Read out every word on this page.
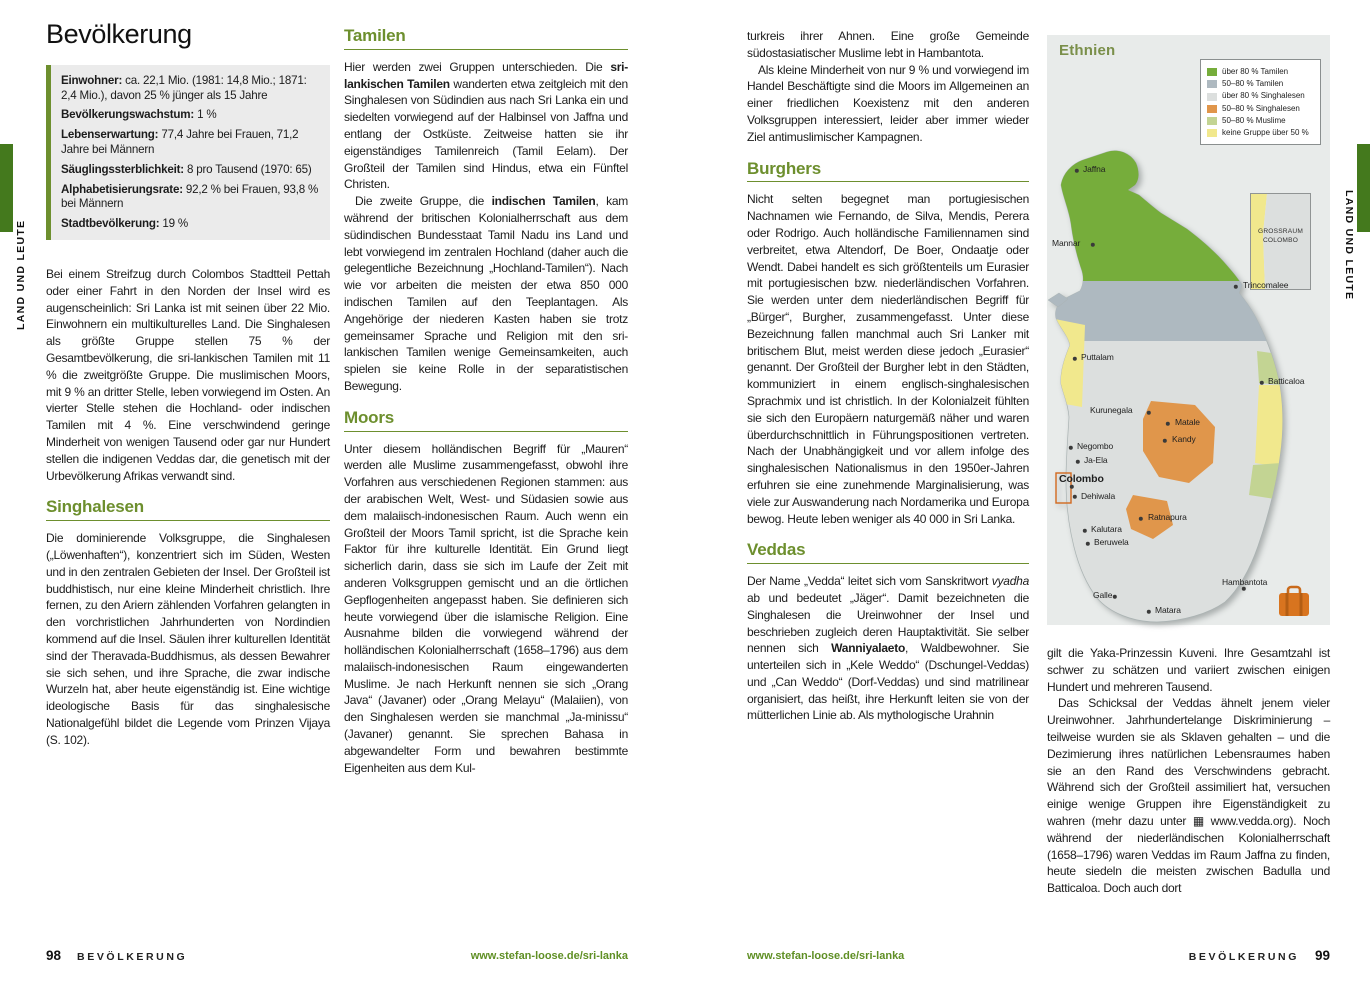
LAND UND LEUTE	LAND UND LEUTE
Bevölkerung
Einwohner: ca. 22,1 Mio. (1981: 14,8 Mio.; 1871: 2,4 Mio.), davon 25 % jünger als 15 Jahre
Bevölkerungswachstum: 1 %
Lebenserwartung: 77,4 Jahre bei Frauen, 71,2 Jahre bei Männern
Säuglingssterblichkeit: 8 pro Tausend (1970: 65)
Alphabetisierungsrate: 92,2 % bei Frauen, 93,8 % bei Männern
Stadtbevölkerung: 19 %

Bei einem Streifzug durch Colombos Stadtteil Pettah oder einer Fahrt in den Norden der Insel wird es augenscheinlich: Sri Lanka ist mit seinen über 22 Mio. Einwohnern ein multikulturelles Land. Die Singhalesen als größte Gruppe stellen 75 % der Gesamtbevölkerung, die sri-lankischen Tamilen mit 11 % die zweitgrößte Gruppe. Die muslimischen Moors, mit 9 % an dritter Stelle, leben vorwiegend im Osten. An vierter Stelle stehen die Hochland- oder indischen Tamilen mit 4 %. Eine verschwindend geringe Minderheit von wenigen Tausend oder gar nur Hundert stellen die indigenen Veddas dar, die genetisch mit der Urbevölkerung Afrikas verwandt sind.

Singhalesen

Die dominierende Volksgruppe, die Singhalesen („Löwenhaften“), konzentriert sich im Süden, Westen und in den zentralen Gebieten der Insel. Der Großteil ist buddhistisch, nur eine kleine Minderheit christlich. Ihre fernen, zu den Ariern zählenden Vorfahren gelangten in den vorchristlichen Jahrhunderten von Nordindien kommend auf die Insel. Säulen ihrer kulturellen Identität sind der Theravada-Buddhismus, als dessen Bewahrer sie sich sehen, und ihre Sprache, die zwar indische Wurzeln hat, aber heute eigenständig ist. Eine wichtige ideologische Basis für das singhalesische Nationalgefühl bildet die Legende vom Prinzen Vijaya (S. 102).

Tamilen

Hier werden zwei Gruppen unterschieden. Die sri-lankischen Tamilen wanderten etwa zeitgleich mit den Singhalesen von Südindien aus nach Sri Lanka ein und siedelten vorwiegend auf der Halbinsel von Jaffna und entlang der Ostküste. Zeitweise hatten sie ihr eigenständiges Tamilenreich (Tamil Eelam). Der Großteil der Tamilen sind Hindus, etwa ein Fünftel Christen.

Die zweite Gruppe, die indischen Tamilen, kam während der britischen Kolonialherrschaft aus dem südindischen Bundesstaat Tamil Nadu ins Land und lebt vorwiegend im zentralen Hochland (daher auch die gelegentliche Bezeichnung „Hochland-Tamilen“). Nach wie vor arbeiten die meisten der etwa 850 000 indischen Tamilen auf den Teeplantagen. Als Angehörige der niederen Kasten haben sie trotz gemeinsamer Sprache und Religion mit den sri-lankischen Tamilen wenige Gemeinsamkeiten, auch spielen sie keine Rolle in der separatistischen Bewegung.

Moors

Unter diesem holländischen Begriff für „Mauren“ werden alle Muslime zusammengefasst, obwohl ihre Vorfahren aus verschiedenen Regionen stammen: aus der arabischen Welt, West- und Südasien sowie aus dem malaiisch-indonesischen Raum. Auch wenn ein Großteil der Moors Tamil spricht, ist die Sprache kein Faktor für ihre kulturelle Identität. Ein Grund liegt sicherlich darin, dass sie sich im Laufe der Zeit mit anderen Volksgruppen gemischt und an die örtlichen Gepflogenheiten angepasst haben. Sie definieren sich heute vorwiegend über die islamische Religion. Eine Ausnahme bilden die vorwiegend während der holländischen Kolonialherrschaft (1658–1796) aus dem malaiisch-indonesischen Raum eingewanderten Muslime. Je nach Herkunft nennen sie sich „Orang Java“ (Javaner) oder „Orang Melayu“ (Malaiien), von den Singhalesen werden sie manchmal „Ja-minissu“ (Javaner) genannt. Sie sprechen Bahasa in abgewandelter Form und bewahren bestimmte Eigenheiten aus dem Kul-

turkreis ihrer Ahnen. Eine große Gemeinde südostasiatischer Muslime lebt in Hambantota.

Als kleine Minderheit von nur 9 % und vorwiegend im Handel Beschäftigte sind die Moors im Allgemeinen an einer friedlichen Koexistenz mit den anderen Volksgruppen interessiert, leider aber immer wieder Ziel antimuslimischer Kampagnen.

Burghers

Nicht selten begegnet man portugiesischen Nachnamen wie Fernando, de Silva, Mendis, Perera oder Rodrigo. Auch holländische Familiennamen sind verbreitet, etwa Altendorf, De Boer, Ondaatje oder Wendt. Dabei handelt es sich größtenteils um Eurasier mit portugiesischen bzw. niederländischen Vorfahren. Sie werden unter dem niederländischen Begriff für „Bürger“, Burgher, zusammengefasst. Unter diese Bezeichnung fallen manchmal auch Sri Lanker mit britischem Blut, meist werden diese jedoch „Eurasier“ genannt. Der Großteil der Burgher lebt in den Städten, kommuniziert in einem englisch-singhalesischen Sprachmix und ist christlich. In der Kolonialzeit fühlten sie sich den Europäern naturgemäß näher und waren überdurchschnittlich in Führungspositionen vertreten. Nach der Unabhängigkeit und vor allem infolge des singhalesischen Nationalismus in den 1950er-Jahren erfuhren sie eine zunehmende Marginalisierung, was viele zur Auswanderung nach Nordamerika und Europa bewog. Heute leben weniger als 40 000 in Sri Lanka.

Veddas

Der Name „Vedda“ leitet sich vom Sanskritwort vyadha ab und bedeutet „Jäger“. Damit bezeichneten die Singhalesen die Ureinwohner der Insel und beschrieben zugleich deren Hauptaktivität. Sie selber nennen sich Wanniyalaeto, Waldbewohner. Sie unterteilen sich in „Kele Weddo“ (Dschungel-Veddas) und „Can Weddo“ (Dorf-Veddas) und sind matrilinear organisiert, das heißt, ihre Herkunft leiten sie von der mütterlichen Linie ab. Als mythologische Urahnin

Ethnien
über 80 % Tamilen
50–80 % Tamilen
über 80 % Singhalesen
50–80 % Singhalesen
50–80 % Muslime
keine Gruppe über 50 %
GROSSRAUM
COLOMBO
Jaffna
Mannar
Trincomalee
Batticaloa
Puttalam
Kurunegala
Matale
Kandy
Negombo
Ja-Ela
Colombo
Dehiwala
Ratnapura
Kalutara
Beruwela
Galle
Matara
Hambantota

gilt die Yaka-Prinzessin Kuveni. Ihre Gesamtzahl ist schwer zu schätzen und variiert zwischen einigen Hundert und mehreren Tausend.

Das Schicksal der Veddas ähnelt jenem vieler Ureinwohner. Jahrhundertelange Diskriminierung – teilweise wurden sie als Sklaven gehalten – und die Dezimierung ihres natürlichen Lebensraumes haben sie an den Rand des Verschwindens gebracht. Während sich der Großteil assimiliert hat, versuchen einige wenige Gruppen ihre Eigenständigkeit zu wahren (mehr dazu unter ▦ www.vedda.org). Noch während der niederländischen Kolonialherrschaft (1658–1796) waren Veddas im Raum Jaffna zu finden, heute siedeln die meisten zwischen Badulla und Batticaloa. Doch auch dort

98 BEVÖLKERUNG	www.stefan-loose.de/sri-lanka	www.stefan-loose.de/sri-lanka	BEVÖLKERUNG 99
